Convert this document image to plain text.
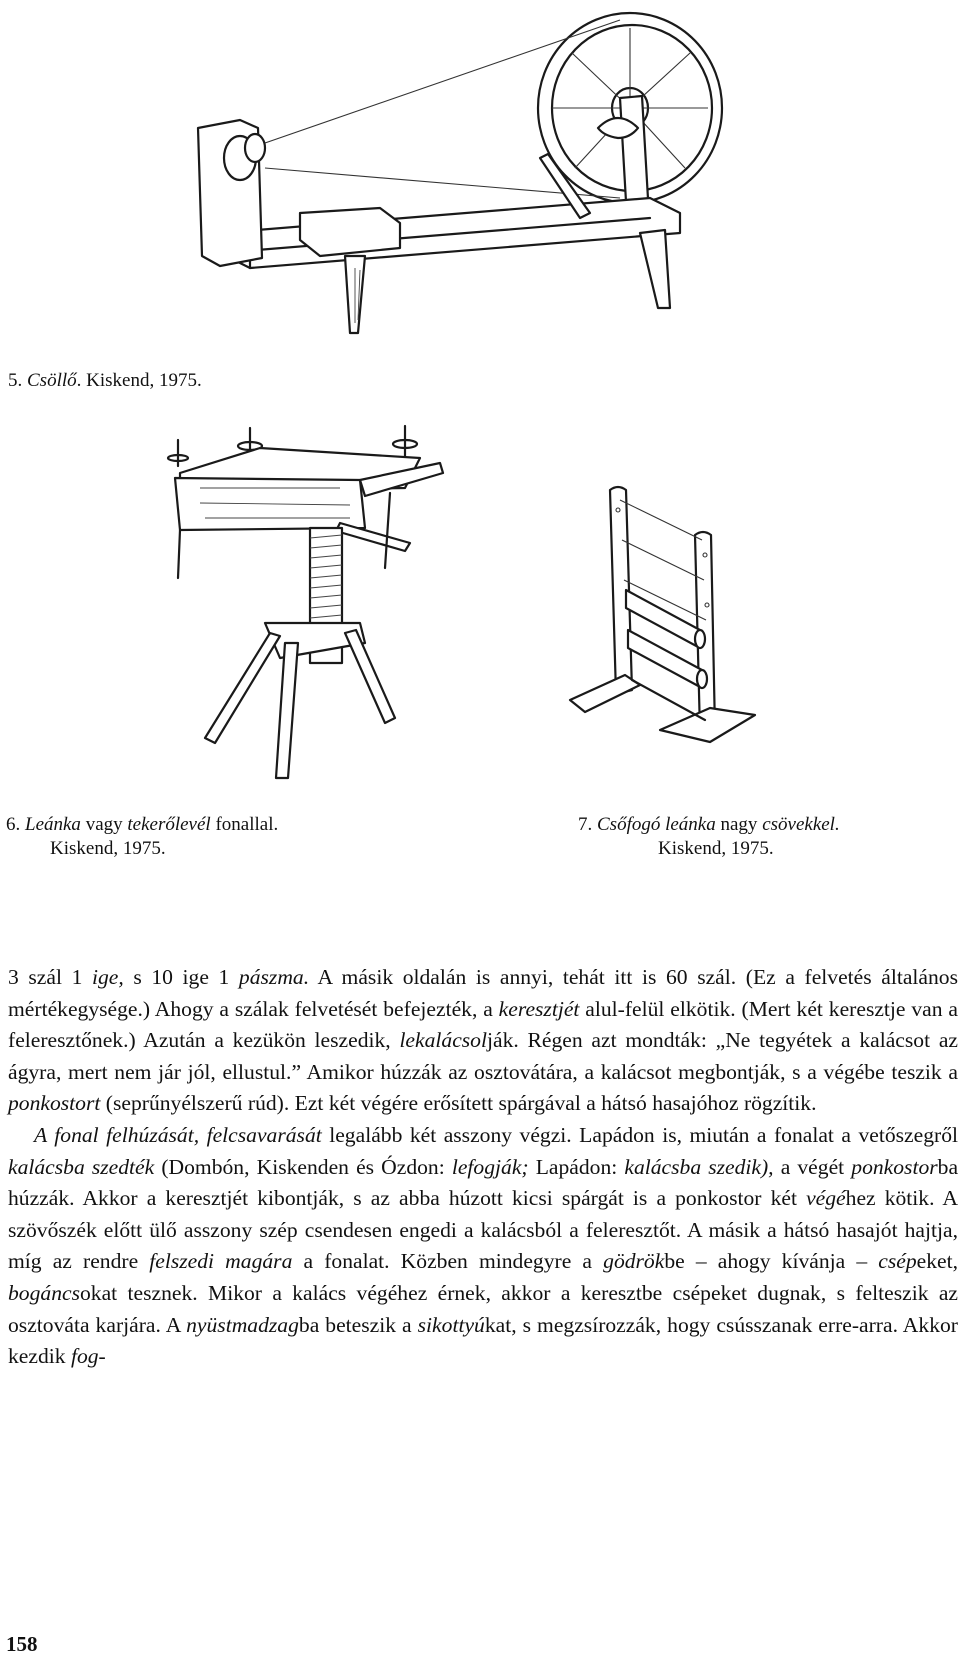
5. Csöllő. Kiskend, 1975.
6. Leánka vagy tekerőlevél fonallal.
Kiskend, 1975.
7. Csőfogó leánka nagy csövekkel.
Kiskend, 1975.

3 szál 1 ige, s 10 ige 1 pászma. A másik oldalán is annyi, tehát itt is 60 szál. (Ez a felvetés általános mértékegysége.) Ahogy a szálak felvetését befejezték, a keresztjét alul-felül elkötik. (Mert két keresztje van a feleresztőnek.) Azután a kezükön leszedik, lekalácsolják. Régen azt mondták: „Ne tegyétek a kalácsot az ágyra, mert nem jár jól, ellustul.” Amikor húzzák az osztovátára, a kalácsot megbontják, s a végébe teszik a ponkostort (seprűnyélszerű rúd). Ezt két végére erősített spárgával a hátsó hasajóhoz rögzítik.

A fonal felhúzását, felcsavarását legalább két asszony végzi. Lapádon is, miután a fonalat a vetőszegről kalácsba szedték (Dombón, Kiskenden és Ózdon: lefogják; Lapádon: kalácsba szedik), a végét ponkostorba húzzák. Akkor a keresztjét kibontják, s az abba húzott kicsi spárgát is a ponkostor két végéhez kötik. A szövőszék előtt ülő asszony szép csendesen engedi a kalácsból a feleresztőt. A másik a hátsó hasajót hajtja, míg az rendre felszedi magára a fonalat. Közben mindegyre a gödrökbe – ahogy kívánja – csépeket, bogáncsokat tesznek. Mikor a kalács végéhez érnek, akkor a keresztbe csépeket dugnak, s felteszik az osztováta karjára. A nyüstmadzagba beteszik a sikottyúkat, s megzsírozzák, hogy csússzanak erre-arra. Akkor kezdik fog-

158
